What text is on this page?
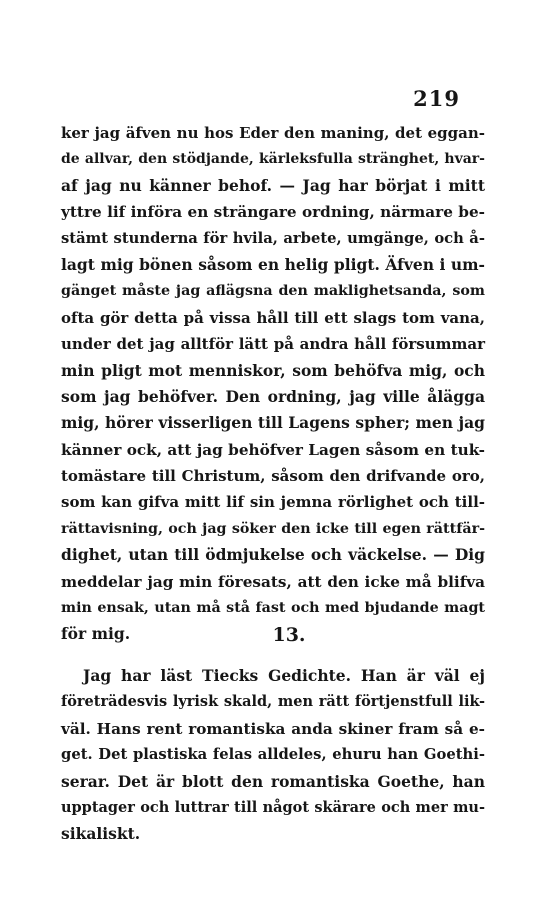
219
ker jag äfven nu hos Eder den maning, det eggan-
de allvar, den stödjande, kärleksfulla stränghet, hvar-
af jag nu känner behof. — Jag har börjat i mitt
yttre lif införa en strängare ordning, närmare be-
stämt stunderna för hvila, arbete, umgänge, och å-
lagt mig bönen såsom en helig pligt. Äfven i um-
gänget måste jag aflägsna den maklighetsanda, som
ofta gör detta på vissa håll till ett slags tom vana,
under det jag alltför lätt på andra håll försummar
min pligt mot menniskor, som behöfva mig, och
som jag behöfver. Den ordning, jag ville ålägga
mig, hörer visserligen till Lagens spher; men jag
känner ock, att jag behöfver Lagen såsom en tuk-
tomästare till Christum, såsom den drifvande oro,
som kan gifva mitt lif sin jemna rörlighet och till-
rättavisning, och jag söker den icke till egen rättfär-
dighet, utan till ödmjukelse och väckelse. — Dig
meddelar jag min föresats, att den icke må blifva
min ensak, utan må stå fast och med bjudande magt
för mig.	13.
Jag har läst Tiecks Gedichte. Han är väl ej
företrädesvis lyrisk skald, men rätt förtjenstfull lik-
väl. Hans rent romantiska anda skiner fram så e-
get. Det plastiska felas alldeles, ehuru han Goethi-
serar. Det är blott den romantiska Goethe, han
upptager och luttrar till något skärare och mer mu-
sikaliskt.
